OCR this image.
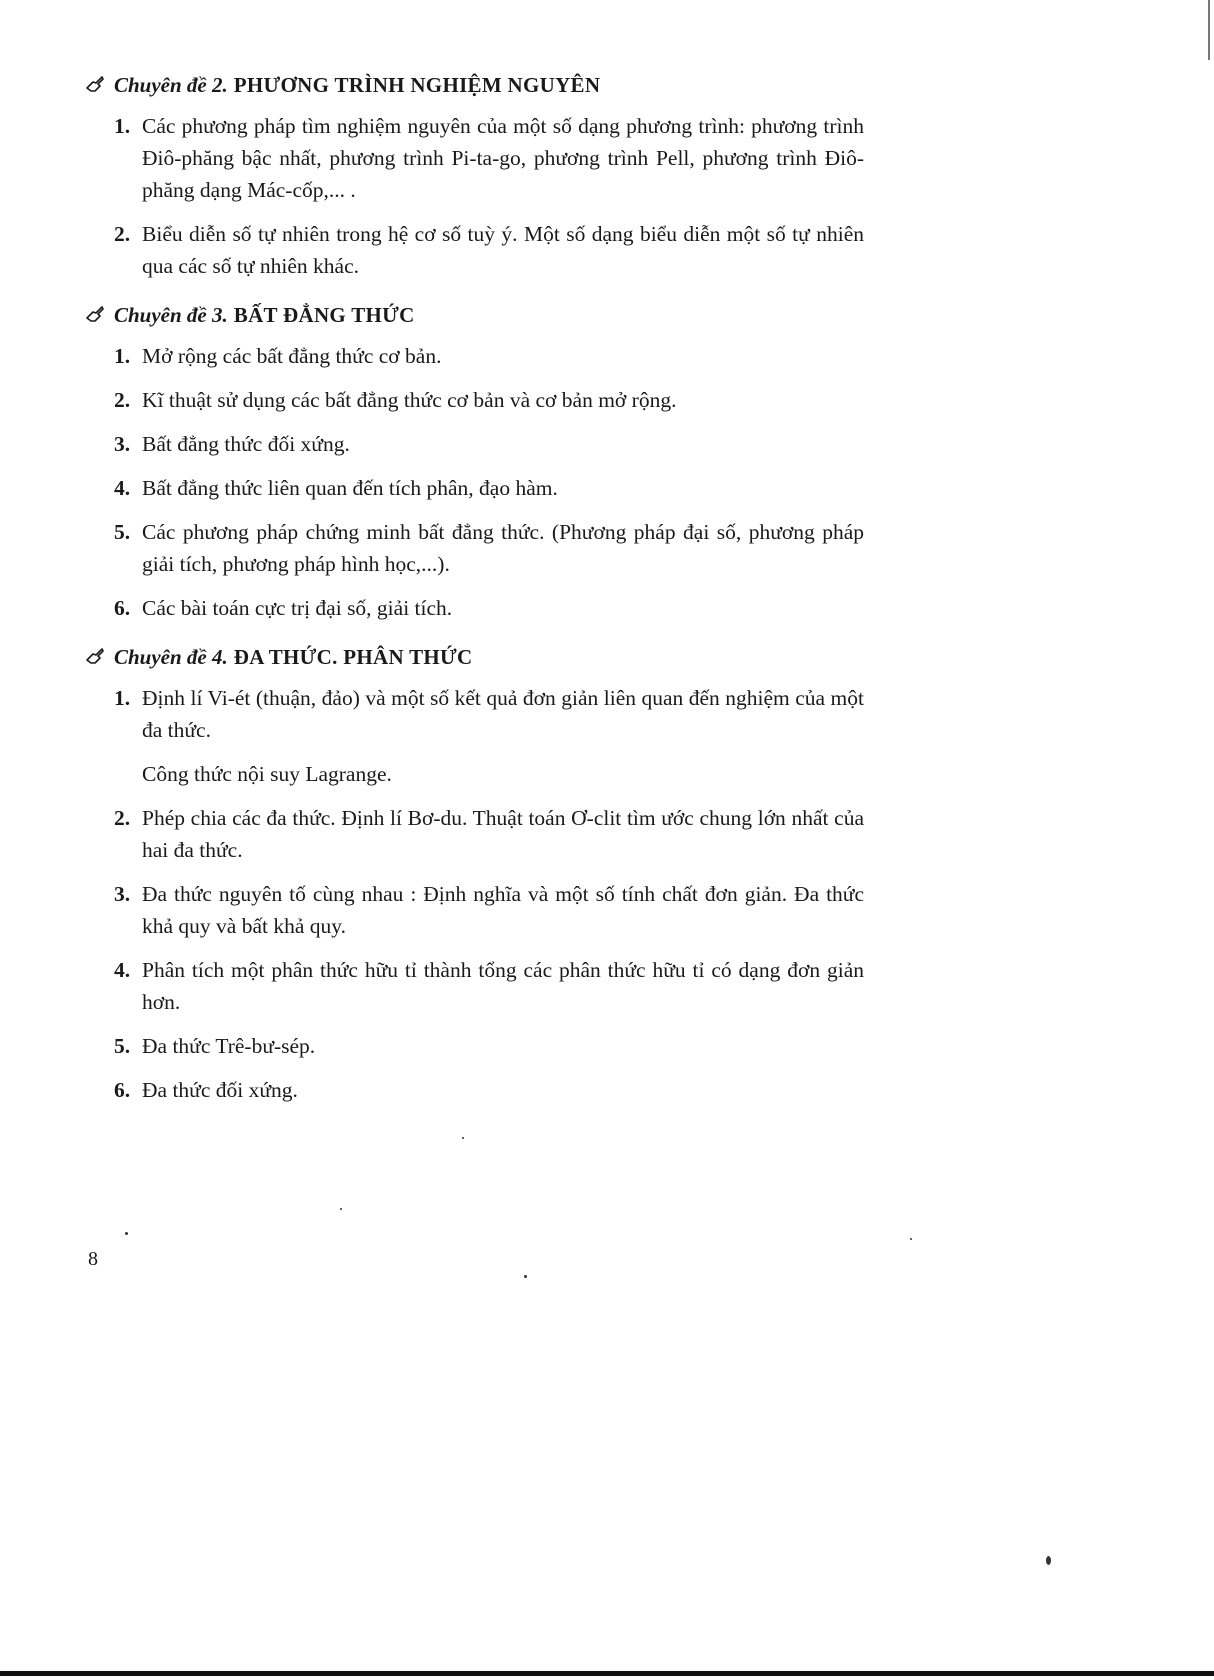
Chuyên đề 2. PHƯƠNG TRÌNH NGHIỆM NGUYÊN
1. Các phương pháp tìm nghiệm nguyên của một số dạng phương trình: phương trình Điô-phăng bậc nhất, phương trình Pi-ta-go, phương trình Pell, phương trình Điô-phăng dạng Mác-cốp,... .
2. Biểu diễn số tự nhiên trong hệ cơ số tuỳ ý. Một số dạng biểu diễn một số tự nhiên qua các số tự nhiên khác.
Chuyên đề 3. BẤT ĐẲNG THỨC
1. Mở rộng các bất đẳng thức cơ bản.
2. Kĩ thuật sử dụng các bất đẳng thức cơ bản và cơ bản mở rộng.
3. Bất đẳng thức đối xứng.
4. Bất đẳng thức liên quan đến tích phân, đạo hàm.
5. Các phương pháp chứng minh bất đẳng thức. (Phương pháp đại số, phương pháp giải tích, phương pháp hình học,...).
6. Các bài toán cực trị đại số, giải tích.
Chuyên đề 4. ĐA THỨC. PHÂN THỨC
1. Định lí Vi-ét (thuận, đảo) và một số kết quả đơn giản liên quan đến nghiệm của một đa thức.
Công thức nội suy Lagrange.
2. Phép chia các đa thức. Định lí Bơ-du. Thuật toán Ơ-clit tìm ước chung lớn nhất của hai đa thức.
3. Đa thức nguyên tố cùng nhau : Định nghĩa và một số tính chất đơn giản. Đa thức khả quy và bất khả quy.
4. Phân tích một phân thức hữu tỉ thành tổng các phân thức hữu tỉ có dạng đơn giản hơn.
5. Đa thức Trê-bư-sép.
6. Đa thức đối xứng.
8
